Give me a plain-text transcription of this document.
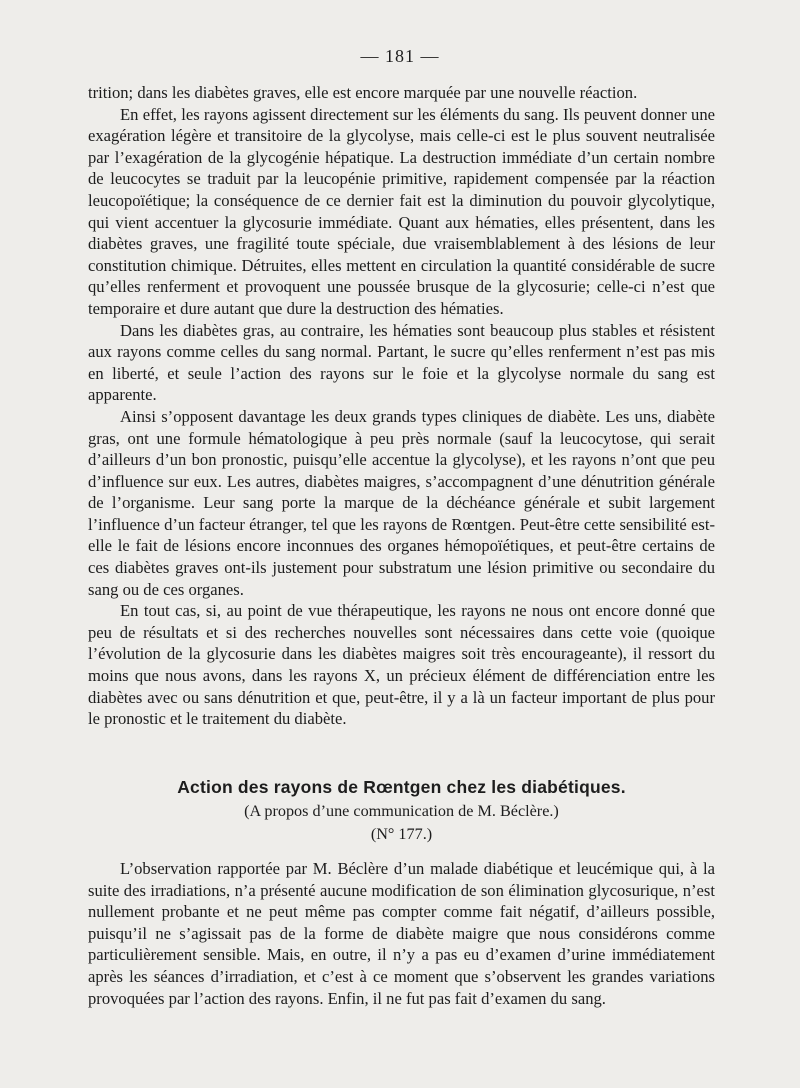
— 181 —

trition; dans les diabètes graves, elle est encore marquée par une nouvelle réaction.

En effet, les rayons agissent directement sur les éléments du sang. Ils peuvent donner une exagération légère et transitoire de la glycolyse, mais celle-ci est le plus souvent neutralisée par l’exagération de la glycogénie hépatique. La destruction immédiate d’un certain nombre de leucocytes se traduit par la leucopénie primitive, rapidement compensée par la réaction leucopoïétique; la conséquence de ce dernier fait est la diminution du pouvoir glycolytique, qui vient accentuer la glycosurie immédiate. Quant aux hématies, elles présentent, dans les diabètes graves, une fragilité toute spéciale, due vraisemblablement à des lésions de leur constitution chimique. Détruites, elles mettent en circulation la quantité considérable de sucre qu’elles renferment et provoquent une poussée brusque de la glycosurie; celle-ci n’est que temporaire et dure autant que dure la destruction des hématies.

Dans les diabètes gras, au contraire, les hématies sont beaucoup plus stables et résistent aux rayons comme celles du sang normal. Partant, le sucre qu’elles renferment n’est pas mis en liberté, et seule l’action des rayons sur le foie et la glycolyse normale du sang est apparente.

Ainsi s’opposent davantage les deux grands types cliniques de diabète. Les uns, diabète gras, ont une formule hématologique à peu près normale (sauf la leucocytose, qui serait d’ailleurs d’un bon pronostic, puisqu’elle accentue la glycolyse), et les rayons n’ont que peu d’influence sur eux. Les autres, diabètes maigres, s’accompagnent d’une dénutrition générale de l’organisme. Leur sang porte la marque de la déchéance générale et subit largement l’influence d’un facteur étranger, tel que les rayons de Rœntgen. Peut-être cette sensibilité est-elle le fait de lésions encore inconnues des organes hémopoïétiques, et peut-être certains de ces diabètes graves ont-ils justement pour substratum une lésion primitive ou secondaire du sang ou de ces organes.

En tout cas, si, au point de vue thérapeutique, les rayons ne nous ont encore donné que peu de résultats et si des recherches nouvelles sont nécessaires dans cette voie (quoique l’évolution de la glycosurie dans les diabètes maigres soit très encourageante), il ressort du moins que nous avons, dans les rayons X, un précieux élément de différenciation entre les diabètes avec ou sans dénutrition et que, peut-être, il y a là un facteur important de plus pour le pronostic et le traitement du diabète.

Action des rayons de Rœntgen chez les diabétiques.
(A propos d’une communication de M. Béclère.)
(N° 177.)

L’observation rapportée par M. Béclère d’un malade diabétique et leucémique qui, à la suite des irradiations, n’a présenté aucune modification de son élimination glycosurique, n’est nullement probante et ne peut même pas compter comme fait négatif, d’ailleurs possible, puisqu’il ne s’agissait pas de la forme de diabète maigre que nous considérons comme particulièrement sensible. Mais, en outre, il n’y a pas eu d’examen d’urine immédiatement après les séances d’irradiation, et c’est à ce moment que s’observent les grandes variations provoquées par l’action des rayons. Enfin, il ne fut pas fait d’examen du sang.
